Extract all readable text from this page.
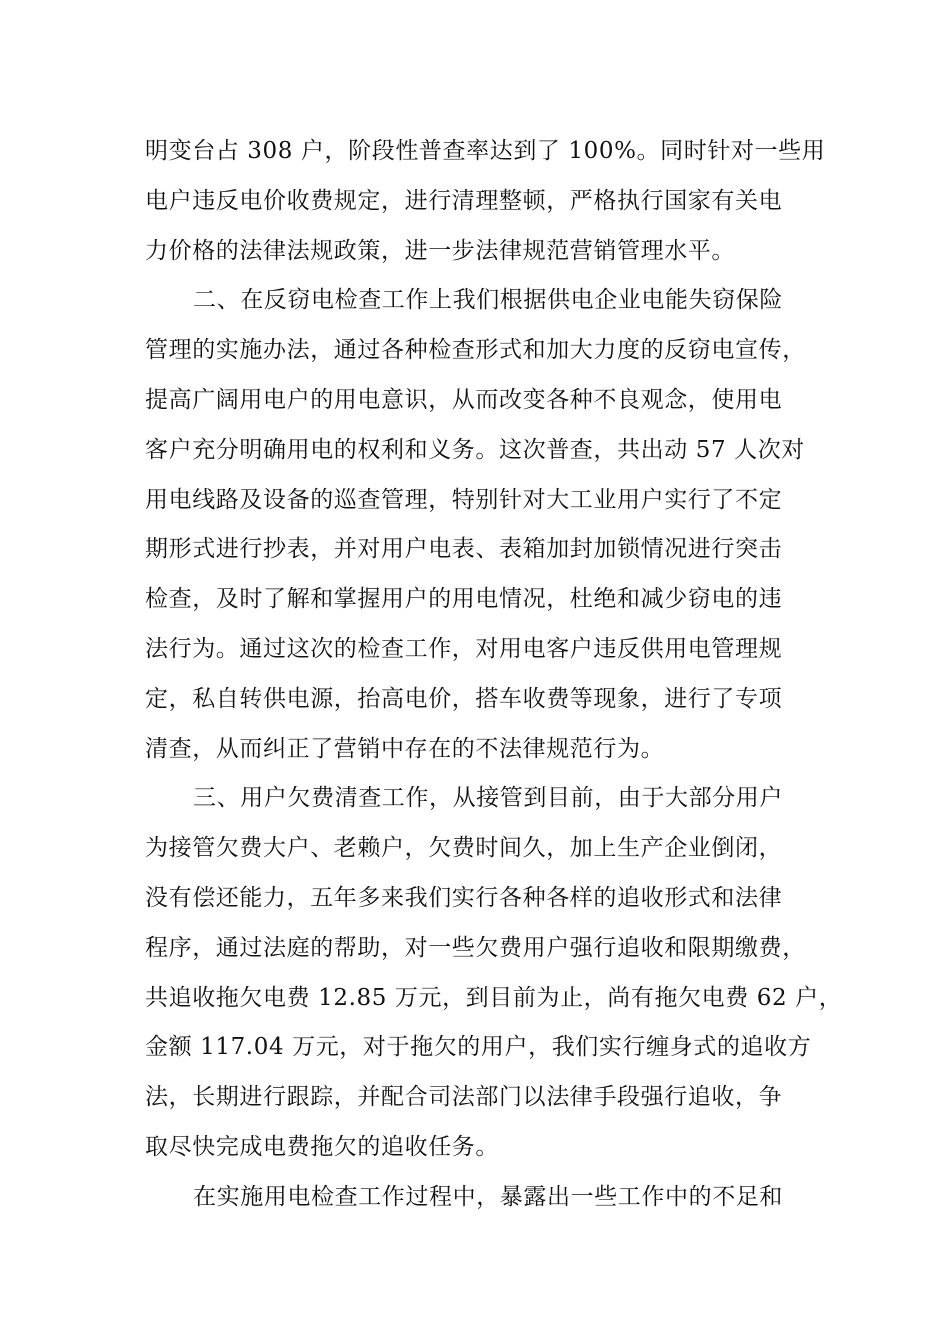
明变台占 308 户，阶段性普查率达到了 100%。同时针对一些用
电户违反电价收费规定，进行清理整顿，严格执行国家有关电
力价格的法律法规政策，进一步法律规范营销管理水平。
二、在反窃电检查工作上我们根据供电企业电能失窃保险
管理的实施办法，通过各种检查形式和加大力度的反窃电宣传，
提高广阔用电户的用电意识，从而改变各种不良观念，使用电
客户充分明确用电的权利和义务。这次普查，共出动 57 人次对
用电线路及设备的巡查管理，特别针对大工业用户实行了不定
期形式进行抄表，并对用户电表、表箱加封加锁情况进行突击
检查，及时了解和掌握用户的用电情况，杜绝和减少窃电的违
法行为。通过这次的检查工作，对用电客户违反供用电管理规
定，私自转供电源，抬高电价，搭车收费等现象，进行了专项
清查，从而纠正了营销中存在的不法律规范行为。
三、用户欠费清查工作，从接管到目前，由于大部分用户
为接管欠费大户、老赖户，欠费时间久，加上生产企业倒闭，
没有偿还能力，五年多来我们实行各种各样的追收形式和法律
程序，通过法庭的帮助，对一些欠费用户强行追收和限期缴费，
共追收拖欠电费 12.85 万元，到目前为止，尚有拖欠电费 62 户，
金额 117.04 万元，对于拖欠的用户，我们实行缠身式的追收方
法，长期进行跟踪，并配合司法部门以法律手段强行追收，争
取尽快完成电费拖欠的追收任务。
在实施用电检查工作过程中，暴露出一些工作中的不足和
